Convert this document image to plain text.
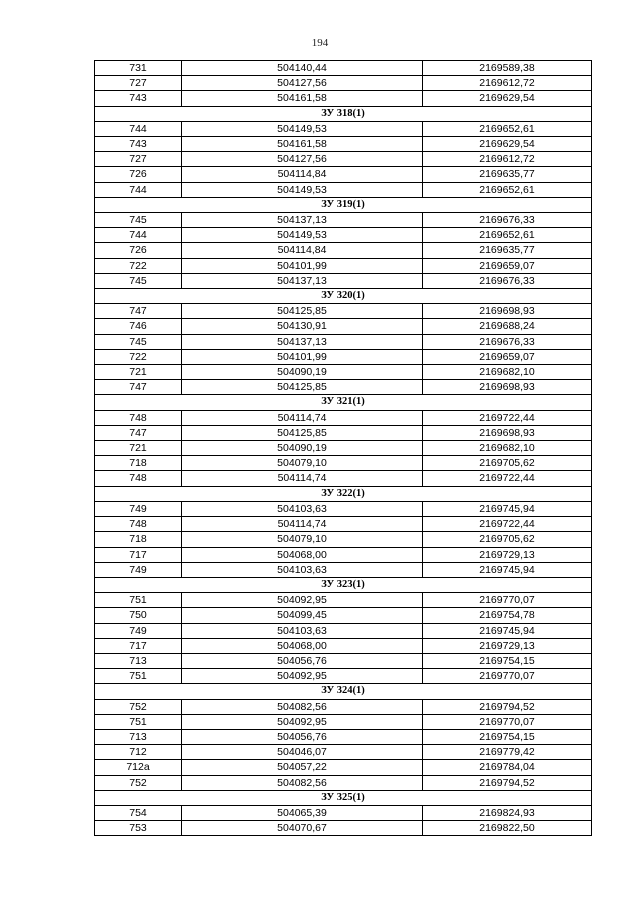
194
731	504140,44	2169589,38
727	504127,56	2169612,72
743	504161,58	2169629,54
ЗУ 318(1)		
744	504149,53	2169652,61
743	504161,58	2169629,54
727	504127,56	2169612,72
726	504114,84	2169635,77
744	504149,53	2169652,61
ЗУ 319(1)		
745	504137,13	2169676,33
744	504149,53	2169652,61
726	504114,84	2169635,77
722	504101,99	2169659,07
745	504137,13	2169676,33
ЗУ 320(1)		
747	504125,85	2169698,93
746	504130,91	2169688,24
745	504137,13	2169676,33
722	504101,99	2169659,07
721	504090,19	2169682,10
747	504125,85	2169698,93
ЗУ 321(1)		
748	504114,74	2169722,44
747	504125,85	2169698,93
721	504090,19	2169682,10
718	504079,10	2169705,62
748	504114,74	2169722,44
ЗУ 322(1)		
749	504103,63	2169745,94
748	504114,74	2169722,44
718	504079,10	2169705,62
717	504068,00	2169729,13
749	504103,63	2169745,94
ЗУ 323(1)		
751	504092,95	2169770,07
750	504099,45	2169754,78
749	504103,63	2169745,94
717	504068,00	2169729,13
713	504056,76	2169754,15
751	504092,95	2169770,07
ЗУ 324(1)		
752	504082,56	2169794,52
751	504092,95	2169770,07
713	504056,76	2169754,15
712	504046,07	2169779,42
712а	504057,22	2169784,04
752	504082,56	2169794,52
ЗУ 325(1)		
754	504065,39	2169824,93
753	504070,67	2169822,50
